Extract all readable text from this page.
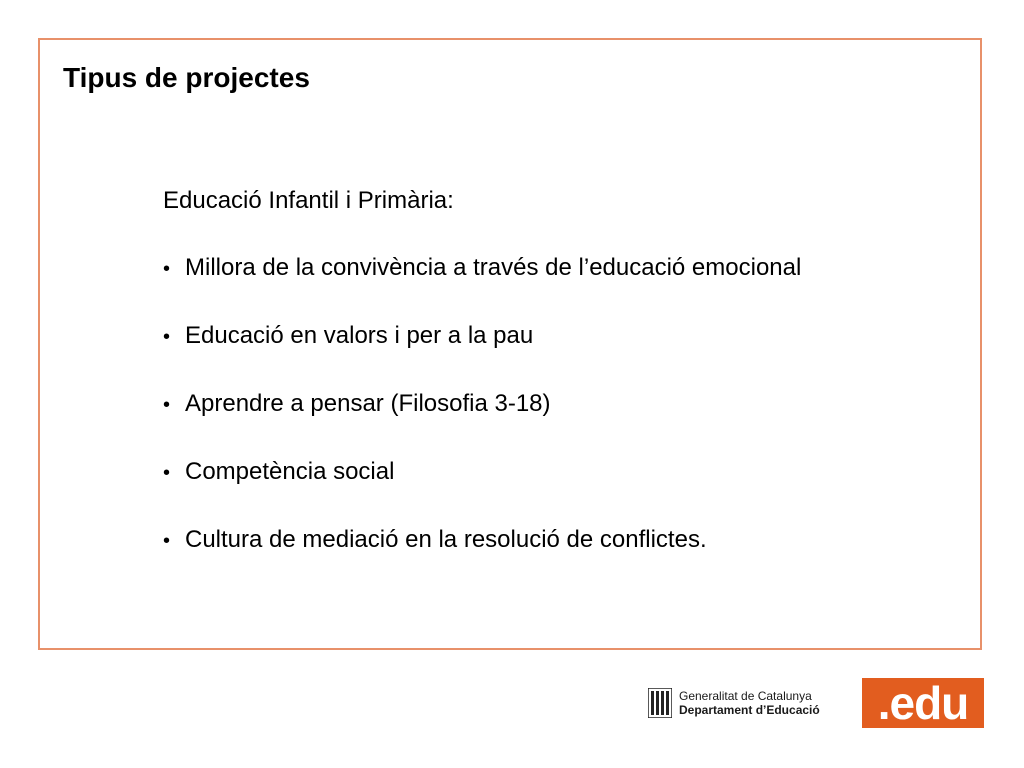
Tipus de projectes

Educació Infantil i Primària:

• Millora de la convivència a través de l’educació emocional
• Educació en valors i per a la pau
• Aprendre a pensar (Filosofia 3-18)
• Competència social
• Cultura de mediació en la resolució de conflictes.
Generalitat de Catalunya
Departament d’Educació	.edu
